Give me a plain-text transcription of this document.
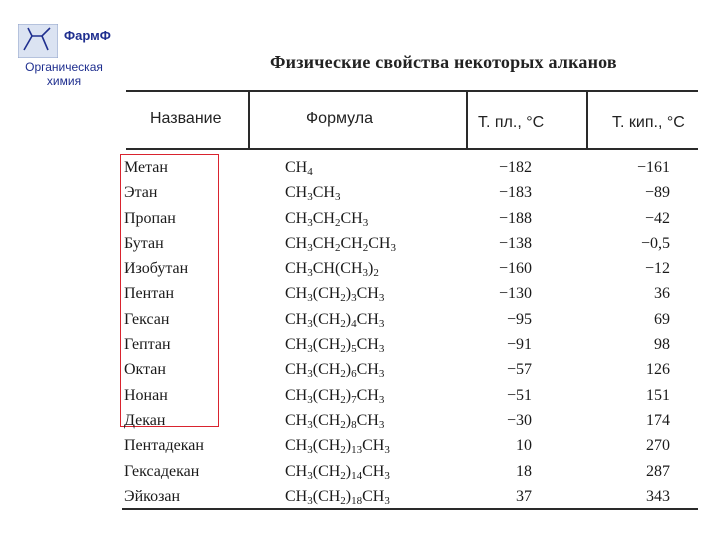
ФармФ
Органическая химия
Физические свойства некоторых алканов
Название	Формула	Т. пл., °С	Т. кип., °С
Метан	$CH_4$	−182	−161
Этан	$CH_3CH_3$	−183	−89
Пропан	$CH_3CH_2CH_3$	−188	−42
Бутан	$CH_3CH_2CH_2CH_3$	−138	−0,5
Изобутан	$CH_3CH(CH_3)_2$	−160	−12
Пентан	$CH_3(CH_2)_3CH_3$	−130	36
Гексан	$CH_3(CH_2)_4CH_3$	−95	69
Гептан	$CH_3(CH_2)_5CH_3$	−91	98
Октан	$CH_3(CH_2)_6CH_3$	−57	126
Нонан	$CH_3(CH_2)_7CH_3$	−51	151
Декан	$CH_3(CH_2)_8CH_3$	−30	174
Пентадекан	$CH_3(CH_2)_{13}CH_3$	10	270
Гексадекан	$CH_3(CH_2)_{14}CH_3$	18	287
Эйкозан	$CH_3(CH_2)_{18}CH_3$	37	343
